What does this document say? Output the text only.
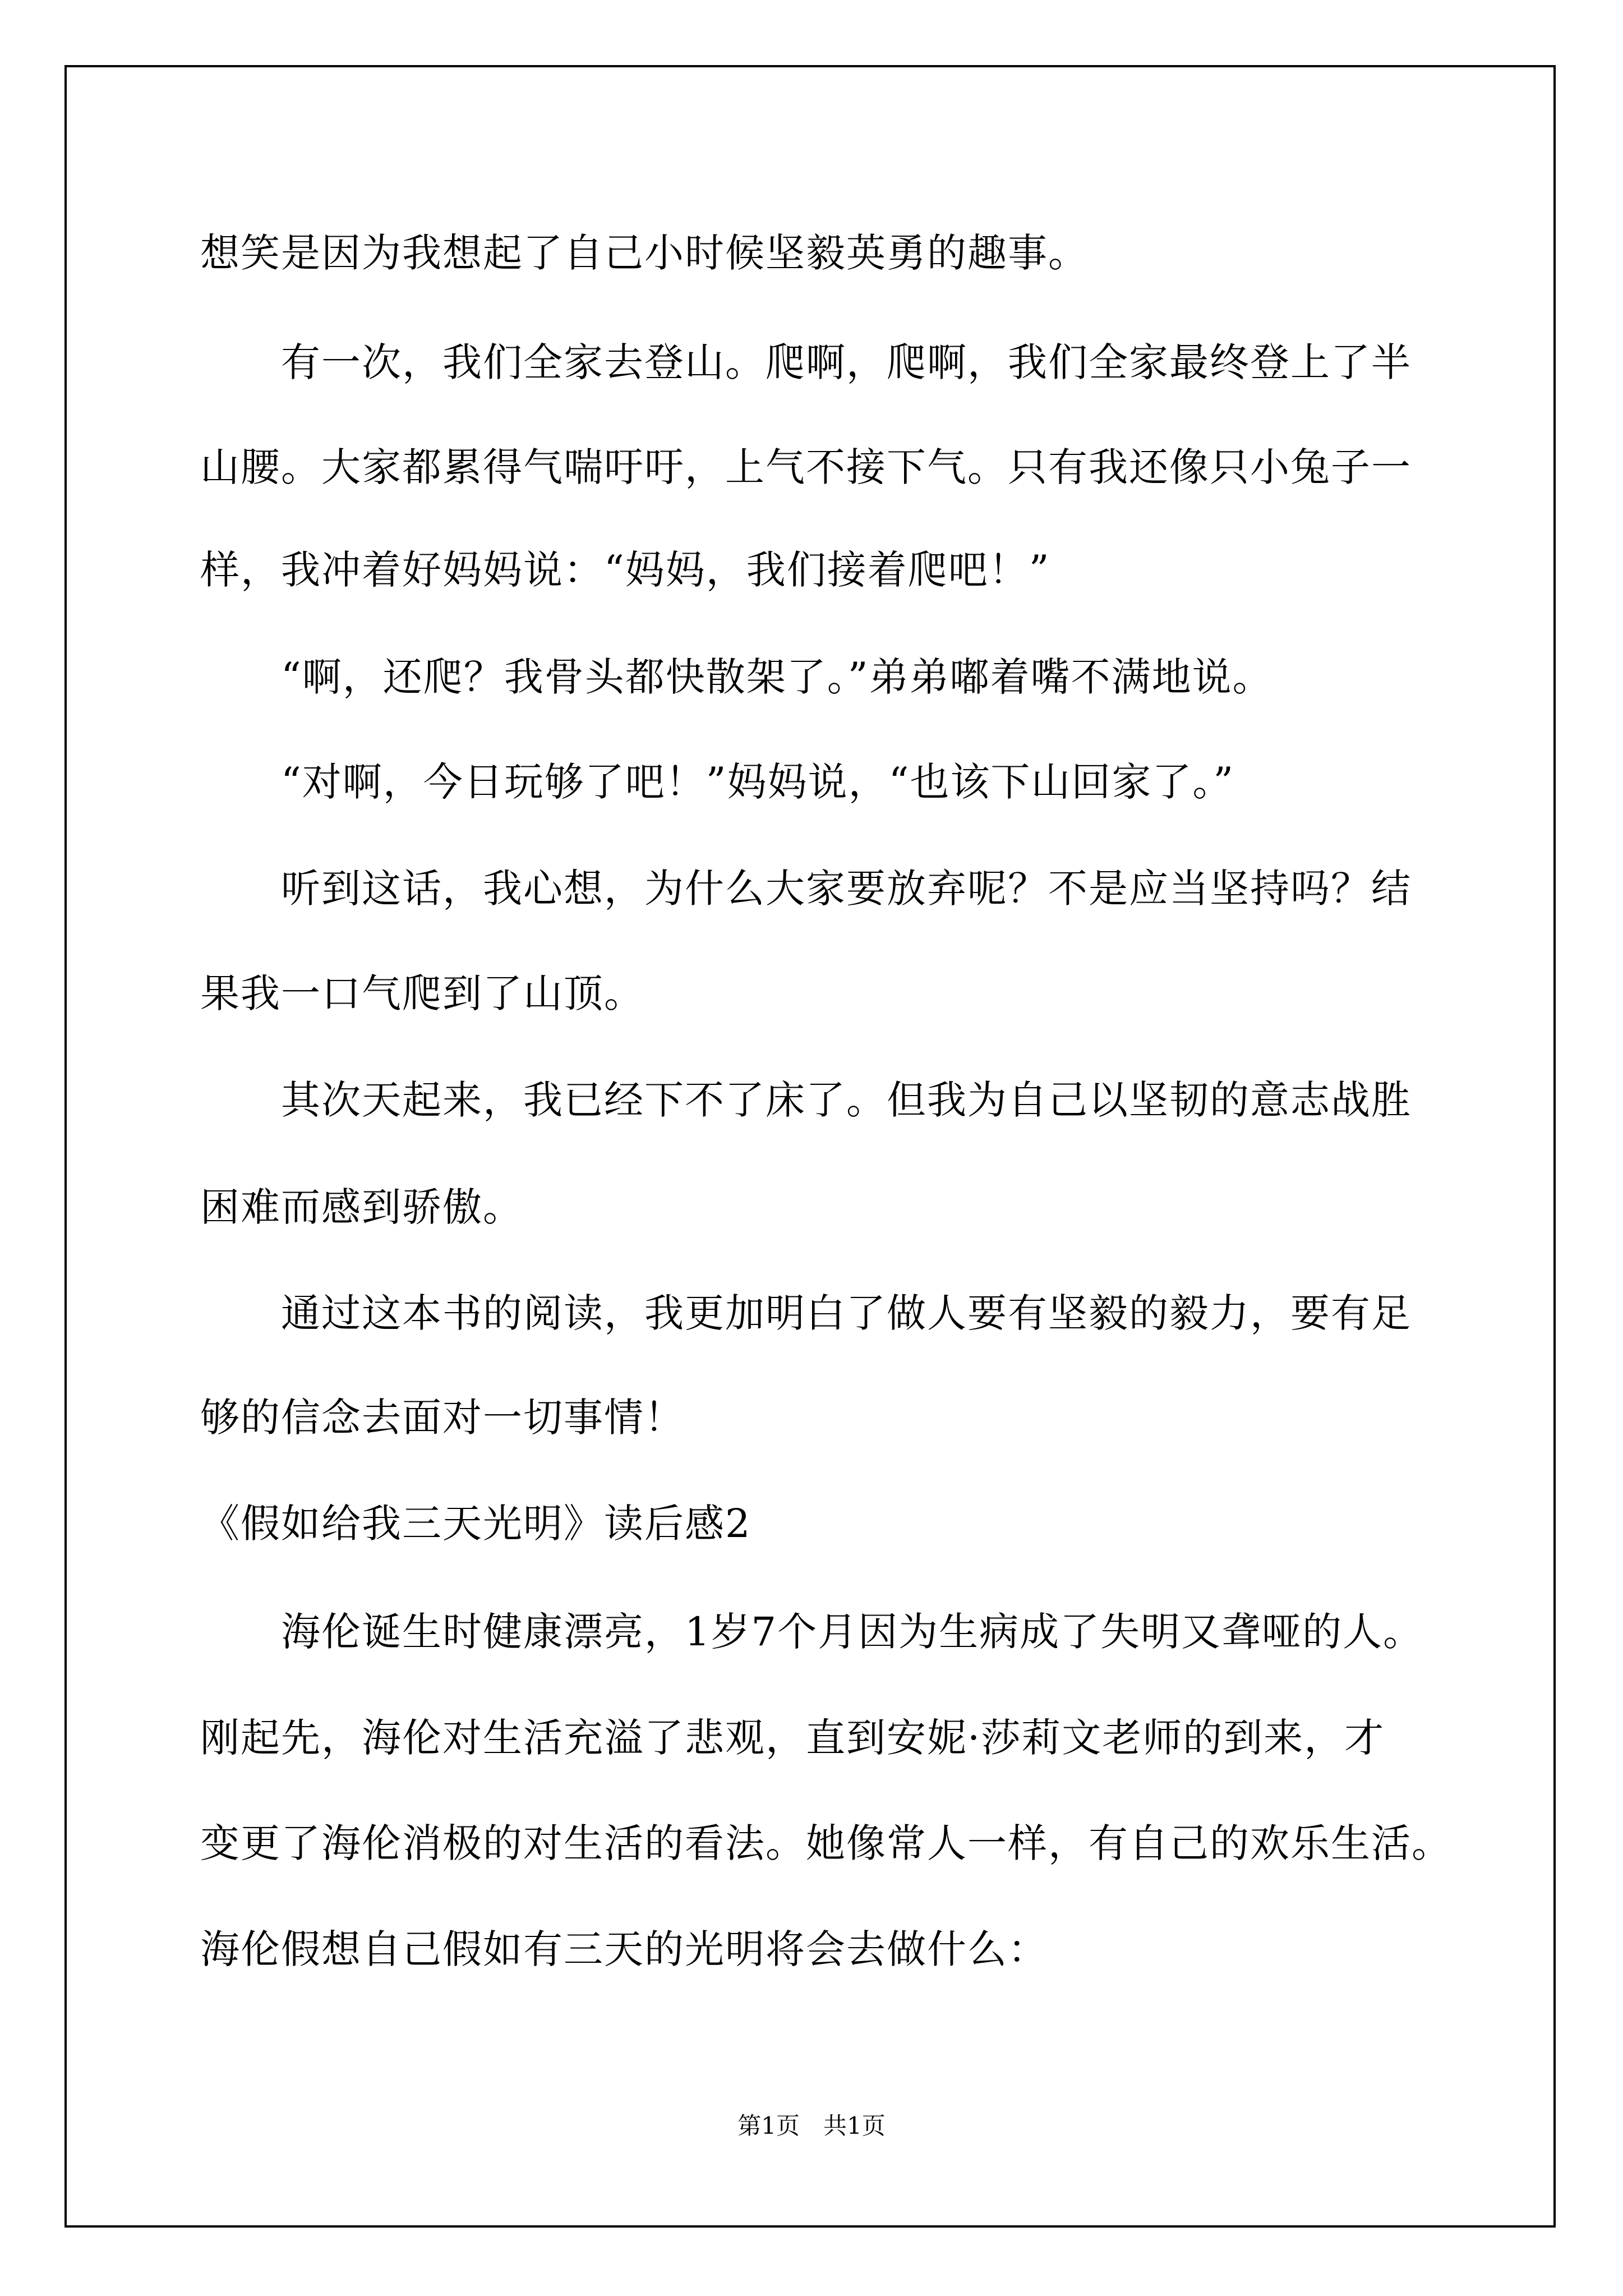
想笑是因为我想起了自己小时候坚毅英勇的趣事。
有一次，我们全家去登山。爬啊，爬啊，我们全家最终登上了半
山腰。大家都累得气喘吁吁，上气不接下气。只有我还像只小兔子一
样，我冲着好妈妈说：“妈妈，我们接着爬吧！”
“啊，还爬？我骨头都快散架了。”弟弟嘟着嘴不满地说。
“对啊，今日玩够了吧！”妈妈说，“也该下山回家了。”
听到这话，我心想，为什么大家要放弃呢？不是应当坚持吗？结
果我一口气爬到了山顶。
其次天起来，我已经下不了床了。但我为自己以坚韧的意志战胜
困难而感到骄傲。
通过这本书的阅读，我更加明白了做人要有坚毅的毅力，要有足
够的信念去面对一切事情！
《假如给我三天光明》读后感2
海伦诞生时健康漂亮，1岁7个月因为生病成了失明又聋哑的人。
刚起先，海伦对生活充溢了悲观，直到安妮·莎莉文老师的到来，才
变更了海伦消极的对生活的看法。她像常人一样，有自己的欢乐生活。
海伦假想自己假如有三天的光明将会去做什么：
第1页　共1页
